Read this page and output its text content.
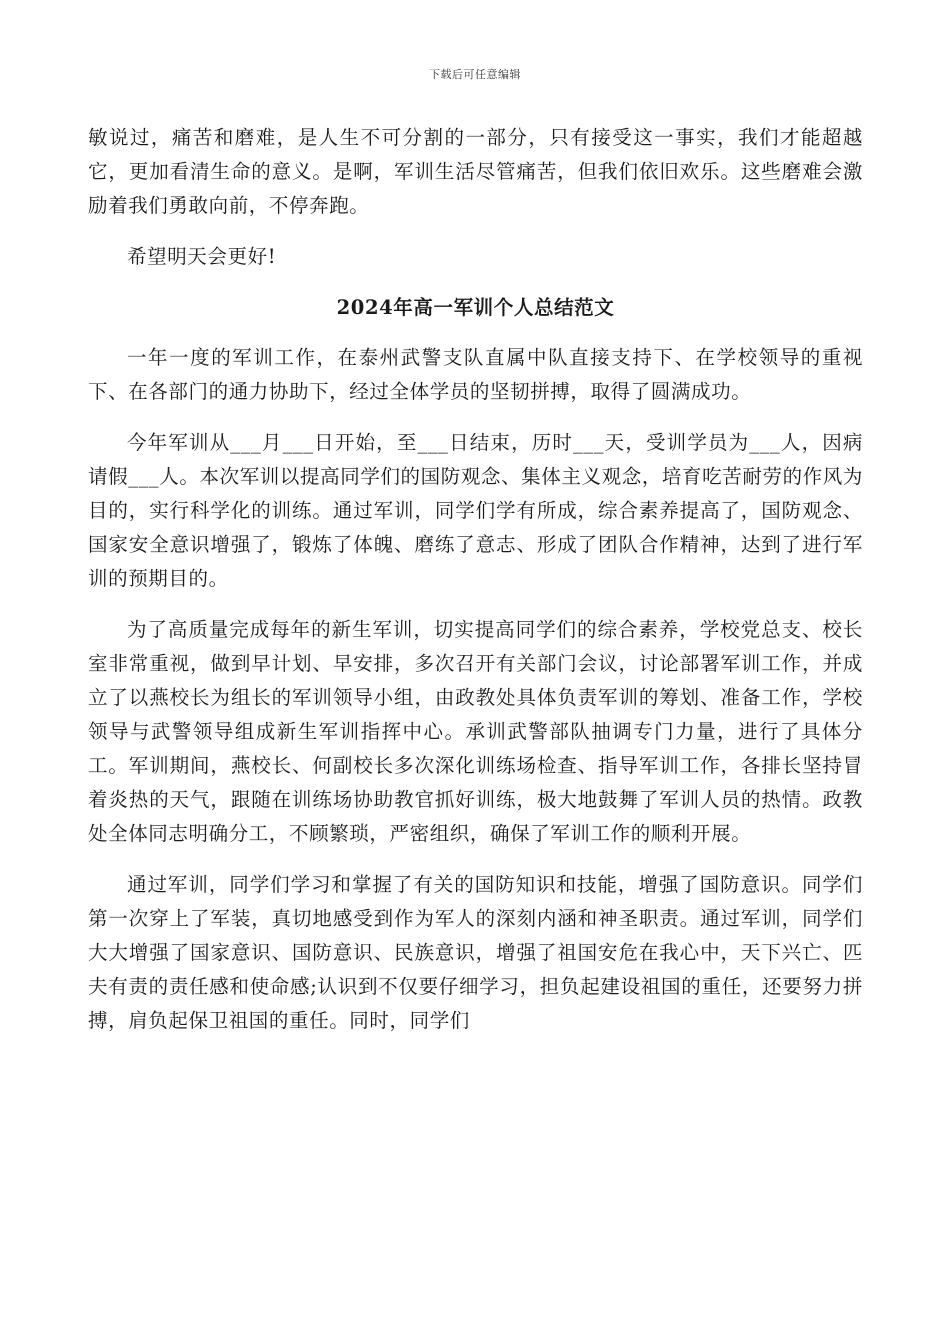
下载后可任意编辑

敏说过，痛苦和磨难，是人生不可分割的一部分，只有接受这一事实，我们才能超越它，更加看清生命的意义。是啊，军训生活尽管痛苦，但我们依旧欢乐。这些磨难会激励着我们勇敢向前，不停奔跑。

希望明天会更好!

2024年高一军训个人总结范文

一年一度的军训工作，在泰州武警支队直属中队直接支持下、在学校领导的重视下、在各部门的通力协助下，经过全体学员的坚韧拼搏，取得了圆满成功。

今年军训从___月___日开始，至___日结束，历时___天，受训学员为___人，因病请假___人。本次军训以提高同学们的国防观念、集体主义观念，培育吃苦耐劳的作风为目的，实行科学化的训练。通过军训，同学们学有所成，综合素养提高了，国防观念、国家安全意识增强了，锻炼了体魄、磨练了意志、形成了团队合作精神，达到了进行军训的预期目的。

为了高质量完成每年的新生军训，切实提高同学们的综合素养，学校党总支、校长室非常重视，做到早计划、早安排，多次召开有关部门会议，讨论部署军训工作，并成立了以燕校长为组长的军训领导小组，由政教处具体负责军训的筹划、准备工作，学校领导与武警领导组成新生军训指挥中心。承训武警部队抽调专门力量，进行了具体分工。军训期间，燕校长、何副校长多次深化训练场检查、指导军训工作，各排长坚持冒着炎热的天气，跟随在训练场协助教官抓好训练，极大地鼓舞了军训人员的热情。政教处全体同志明确分工，不顾繁琐，严密组织，确保了军训工作的顺利开展。

通过军训，同学们学习和掌握了有关的国防知识和技能，增强了国防意识。同学们第一次穿上了军装，真切地感受到作为军人的深刻内涵和神圣职责。通过军训，同学们大大增强了国家意识、国防意识、民族意识，增强了祖国安危在我心中，天下兴亡、匹夫有责的责任感和使命感;认识到不仅要仔细学习，担负起建设祖国的重任，还要努力拼搏，肩负起保卫祖国的重任。同时，同学们
